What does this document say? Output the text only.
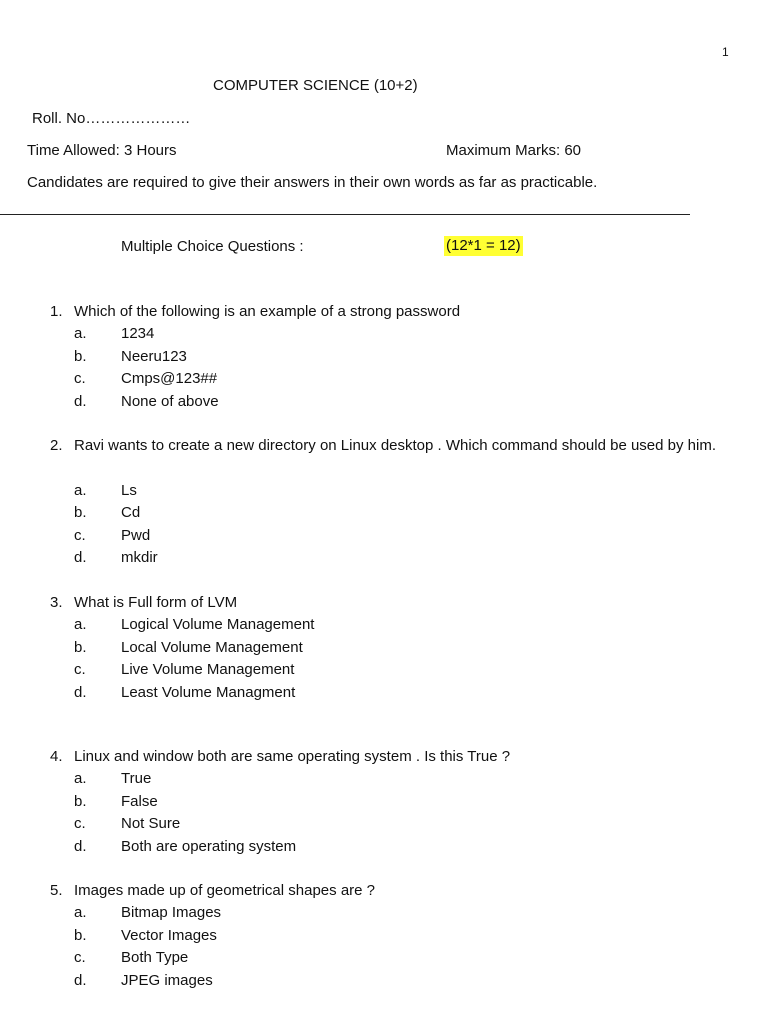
1
COMPUTER SCIENCE (10+2)
Roll. No…………………
Time Allowed: 3 Hours	Maximum Marks: 60
Candidates are required to give their answers in their own words as far as practicable.
Multiple Choice Questions :	(12*1 = 12)
1. Which of the following is an example of a strong password
a. 1234
b. Neeru123
c. Cmps@123##
d. None of above
2. Ravi wants to create a new directory on Linux desktop . Which command should be used by him.
a. Ls
b. Cd
c. Pwd
d. mkdir
3. What is Full form of LVM
a. Logical Volume Management
b. Local Volume Management
c. Live Volume Management
d. Least Volume Managment
4. Linux and window both are same operating system . Is this True ?
a. True
b. False
c. Not Sure
d. Both are operating system
5. Images made up of geometrical shapes are ?
a. Bitmap Images
b. Vector Images
c. Both Type
d. JPEG images
